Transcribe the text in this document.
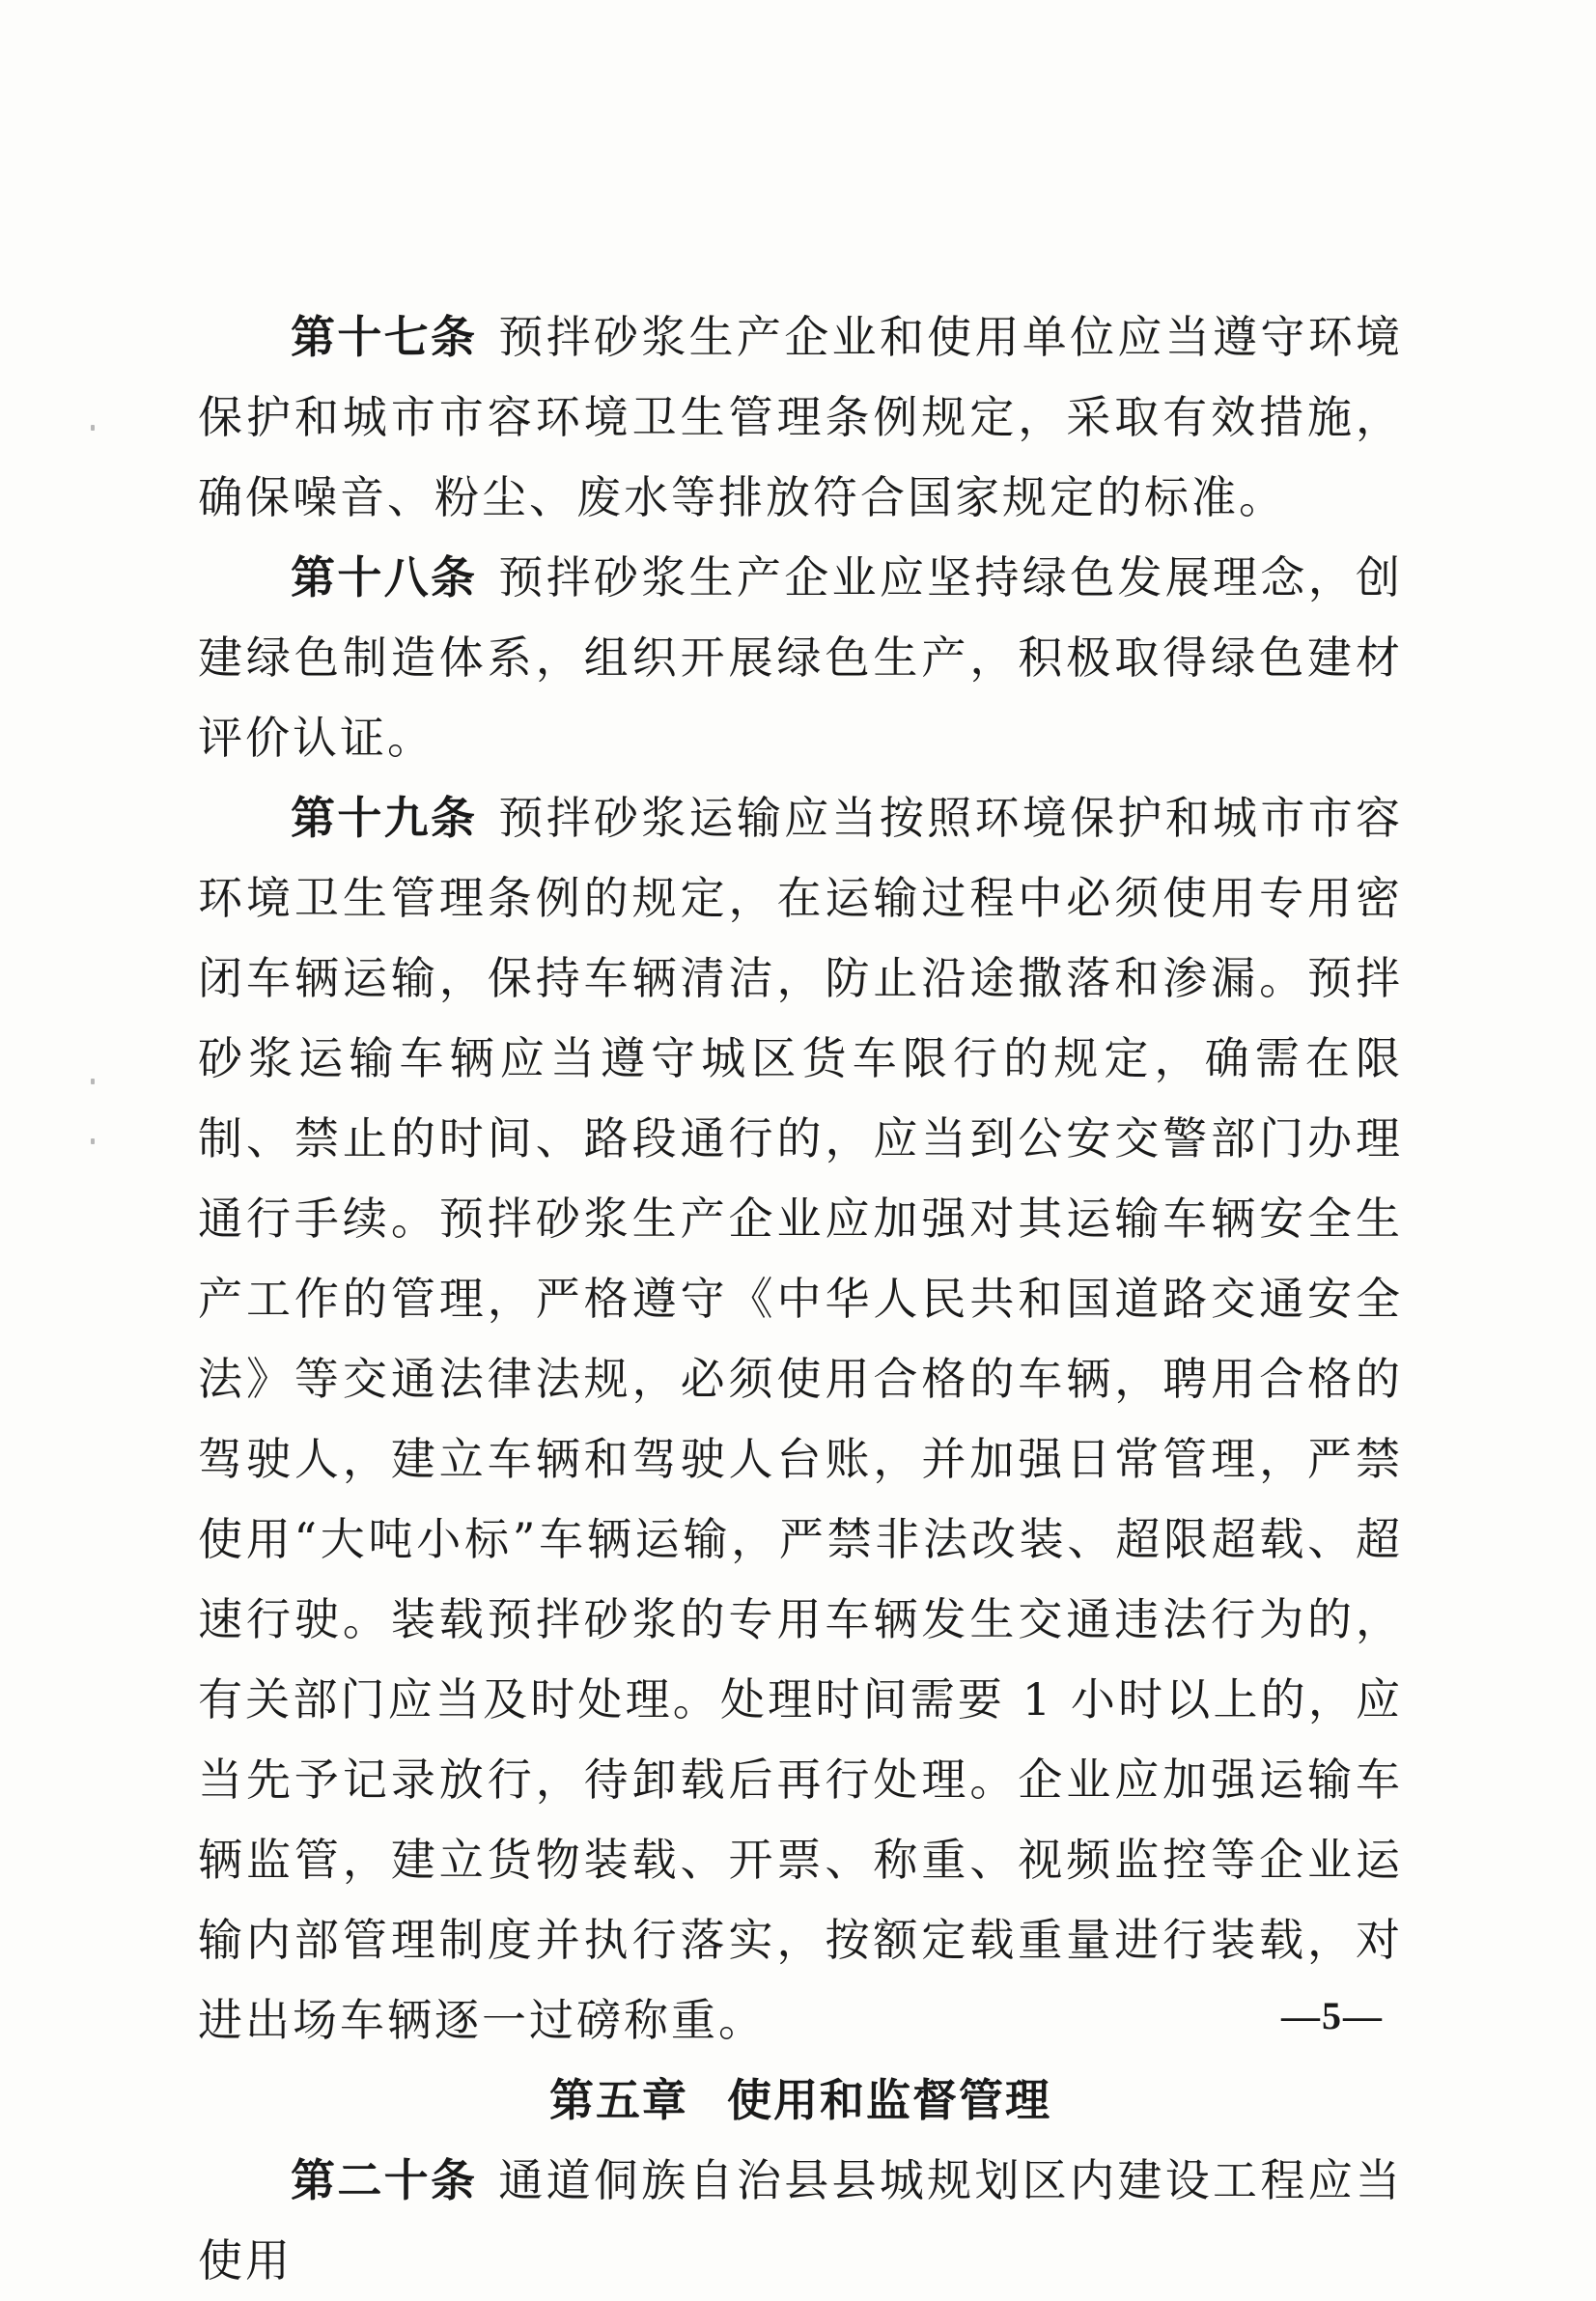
第十七条 预拌砂浆生产企业和使用单位应当遵守环境保护和城市市容环境卫生管理条例规定，采取有效措施，确保噪音、粉尘、废水等排放符合国家规定的标准。

第十八条 预拌砂浆生产企业应坚持绿色发展理念，创建绿色制造体系，组织开展绿色生产，积极取得绿色建材评价认证。

第十九条 预拌砂浆运输应当按照环境保护和城市市容环境卫生管理条例的规定，在运输过程中必须使用专用密闭车辆运输，保持车辆清洁，防止沿途撒落和渗漏。预拌砂浆运输车辆应当遵守城区货车限行的规定，确需在限制、禁止的时间、路段通行的，应当到公安交警部门办理通行手续。预拌砂浆生产企业应加强对其运输车辆安全生产工作的管理，严格遵守《中华人民共和国道路交通安全法》等交通法律法规，必须使用合格的车辆，聘用合格的驾驶人，建立车辆和驾驶人台账，并加强日常管理，严禁使用“大吨小标”车辆运输，严禁非法改装、超限超载、超速行驶。装载预拌砂浆的专用车辆发生交通违法行为的，有关部门应当及时处理。处理时间需要 1 小时以上的，应当先予记录放行，待卸载后再行处理。企业应加强运输车辆监管，建立货物装载、开票、称重、视频监控等企业运输内部管理制度并执行落实，按额定载重量进行装载，对进出场车辆逐一过磅称重。

第五章 使用和监督管理

第二十条 通道侗族自治县县城规划区内建设工程应当使用

—5—
